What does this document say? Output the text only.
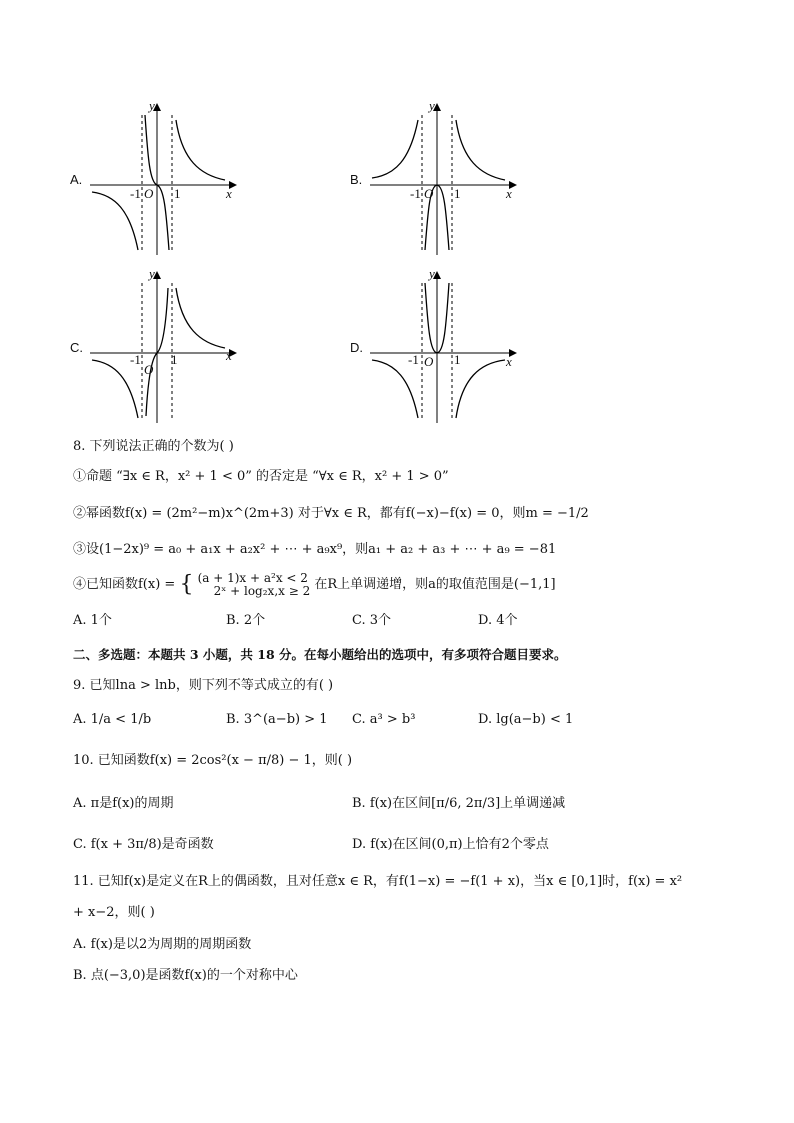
A.
y
x
-1 O 1
B.
y
x
-1 O 1
C.
y
x
-1
O
1
D.
y
x
-1 O 1
8. 下列说法正确的个数为( )
①命题 “∃x ∈ R，x² + 1 < 0” 的否定是 “∀x ∈ R，x² + 1 > 0”
②幂函数f(x) = (2m²−m)x^(2m+3) 对于∀x ∈ R，都有f(−x)−f(x) = 0，则m = −1/2
③设(1−2x)⁹ = a₀ + a₁x + a₂x² + ⋯ + a₉x⁹，则a₁ + a₂ + a₃ + ⋯ + a₉ = −81
④已知函数f(x) = { (a + 1)x + a²x < 2
2ˣ + log₂x,x ≥ 2 在R上单调递增，则a的取值范围是(−1,1]
A. 1个	B. 2个	C. 3个	D. 4个
二、多选题：本题共 3 小题，共 18 分。在每小题给出的选项中，有多项符合题目要求。
9. 已知lna > lnb，则下列不等式成立的有( )
A. 1/a < 1/b	B. 3^(a−b) > 1 C. a³ > b³	D. lg(a−b) < 1
10. 已知函数f(x) = 2cos²(x − π/8) − 1，则( )
A. π是f(x)的周期	B. f(x)在区间[π/6, 2π/3]上单调递减
C. f(x + 3π/8)是奇函数	D. f(x)在区间(0,π)上恰有2个零点
11. 已知f(x)是定义在R上的偶函数，且对任意x ∈ R，有f(1−x) = −f(1 + x)，当x ∈ [0,1]时，f(x) = x²
+ x−2，则( )
A. f(x)是以2为周期的周期函数
B. 点(−3,0)是函数f(x)的一个对称中心
